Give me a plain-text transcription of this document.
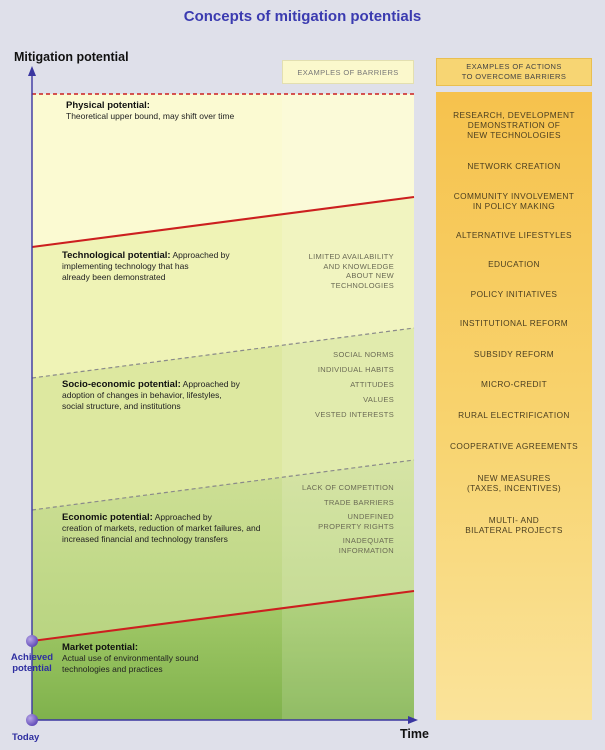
Concepts of mitigation potentials
Mitigation potential
Time
Today
Achieved
potential
Physical potential:
Theoretical upper bound, may shift over time
Technological potential: Approached by
implementing technology that has
already been demonstrated
Socio-economic potential: Approached by
adoption of changes in behavior, lifestyles,
social structure, and institutions
Economic potential: Approached by
creation of markets, reduction of market failures, and
increased financial and technology transfers
Market potential:
Actual use of environmentally sound
technologies and practices
EXAMPLES OF BARRIERS
LIMITED AVAILABILITY
AND KNOWLEDGE
ABOUT NEW
TECHNOLOGIES
SOCIAL NORMS
INDIVIDUAL HABITS
ATTITUDES
VALUES
VESTED INTERESTS
LACK OF COMPETITION
TRADE BARRIERS
UNDEFINED
PROPERTY RIGHTS
INADEQUATE
INFORMATION
EXAMPLES OF ACTIONS
TO OVERCOME BARRIERS
RESEARCH, DEVELOPMENT
DEMONSTRATION OF
NEW TECHNOLOGIES
NETWORK CREATION
COMMUNITY INVOLVEMENT
IN POLICY MAKING
ALTERNATIVE LIFESTYLES
EDUCATION
POLICY INITIATIVES
INSTITUTIONAL REFORM
SUBSIDY REFORM
MICRO-CREDIT
RURAL ELECTRIFICATION
COOPERATIVE AGREEMENTS
NEW MEASURES
(TAXES, INCENTIVES)
MULTI- AND
BILATERAL PROJECTS
